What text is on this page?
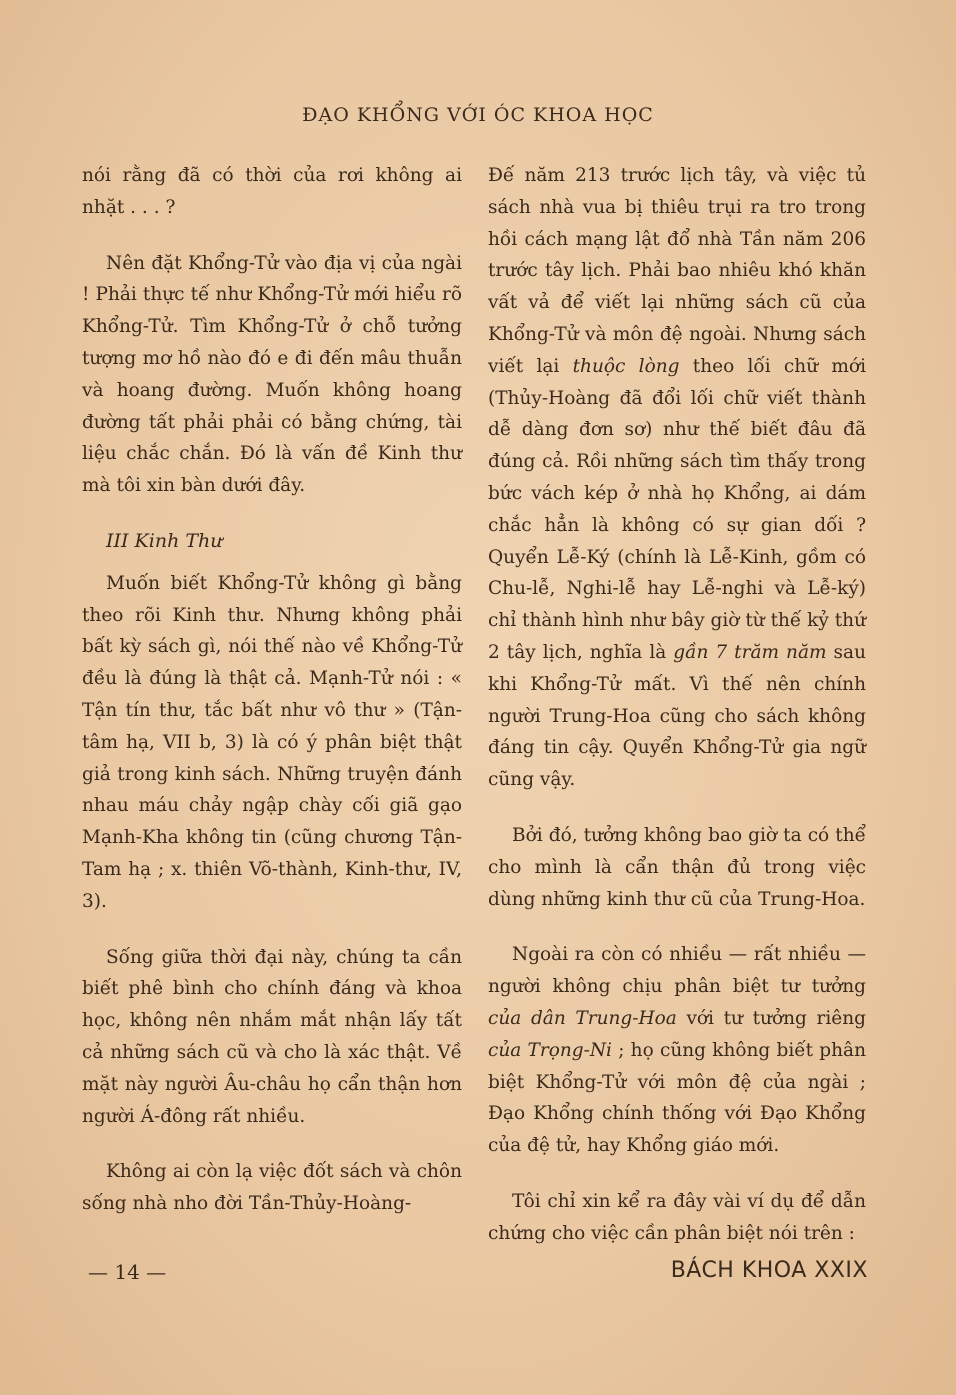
ĐẠO KHỔNG VỚI ÓC KHOA HỌC

nói rằng đã có thời của rơi không ai nhặt . . . ?

Nên đặt Khổng-Tử vào địa vị của ngài ! Phải thực tế như Khổng-Tử mới hiểu rõ Khổng-Tử. Tìm Khổng-Tử ở chỗ tưởng tượng mơ hồ nào đó e đi đến mâu thuẫn và hoang đường. Muốn không hoang đường tất phải phải có bằng chứng, tài liệu chắc chắn. Đó là vấn đề Kinh thư mà tôi xin bàn dưới đây.

III Kinh Thư

Muốn biết Khổng-Tử không gì bằng theo rõi Kinh thư. Nhưng không phải bất kỳ sách gì, nói thế nào về Khổng-Tử đều là đúng là thật cả. Mạnh-Tử nói : « Tận tín thư, tắc bất như vô thư » (Tận-tâm hạ, VII b, 3) là có ý phân biệt thật giả trong kinh sách. Những truyện đánh nhau máu chảy ngập chày cối giã gạo Mạnh-Kha không tin (cũng chương Tận-Tam hạ ; x. thiên Võ-thành, Kinh-thư, IV, 3).

Sống giữa thời đại này, chúng ta cần biết phê bình cho chính đáng và khoa học, không nên nhắm mắt nhận lấy tất cả những sách cũ và cho là xác thật. Về mặt này người Âu-châu họ cẩn thận hơn người Á-đông rất nhiều.

Không ai còn lạ việc đốt sách và chôn sống nhà nho đời Tần-Thủy-Hoàng-

Đế năm 213 trước lịch tây, và việc tủ sách nhà vua bị thiêu trụi ra tro trong hồi cách mạng lật đổ nhà Tần năm 206 trước tây lịch. Phải bao nhiêu khó khăn vất vả để viết lại những sách cũ của Khổng-Tử và môn đệ ngoài. Nhưng sách viết lại thuộc lòng theo lối chữ mới (Thủy-Hoàng đã đổi lối chữ viết thành dễ dàng đơn sơ) như thế biết đâu đã đúng cả. Rồi những sách tìm thấy trong bức vách kép ở nhà họ Khổng, ai dám chắc hẳn là không có sự gian dối ? Quyển Lễ-Ký (chính là Lễ-Kinh, gồm có Chu-lễ, Nghi-lễ hay Lễ-nghi và Lễ-ký) chỉ thành hình như bây giờ từ thế kỷ thứ 2 tây lịch, nghĩa là gần 7 trăm năm sau khi Khổng-Tử mất. Vì thế nên chính người Trung-Hoa cũng cho sách không đáng tin cậy. Quyển Khổng-Tử gia ngữ cũng vậy.

Bởi đó, tưởng không bao giờ ta có thể cho mình là cẩn thận đủ trong việc dùng những kinh thư cũ của Trung-Hoa.

Ngoài ra còn có nhiều — rất nhiều — người không chịu phân biệt tư tưởng của dân Trung-Hoa với tư tưởng riêng của Trọng-Ni ; họ cũng không biết phân biệt Khổng-Tử với môn đệ của ngài ; Đạo Khổng chính thống với Đạo Khổng của đệ tử, hay Khổng giáo mới.

Tôi chỉ xin kể ra đây vài ví dụ để dẫn chứng cho việc cần phân biệt nói trên :

— 14 —	BÁCH KHOA XXIX
